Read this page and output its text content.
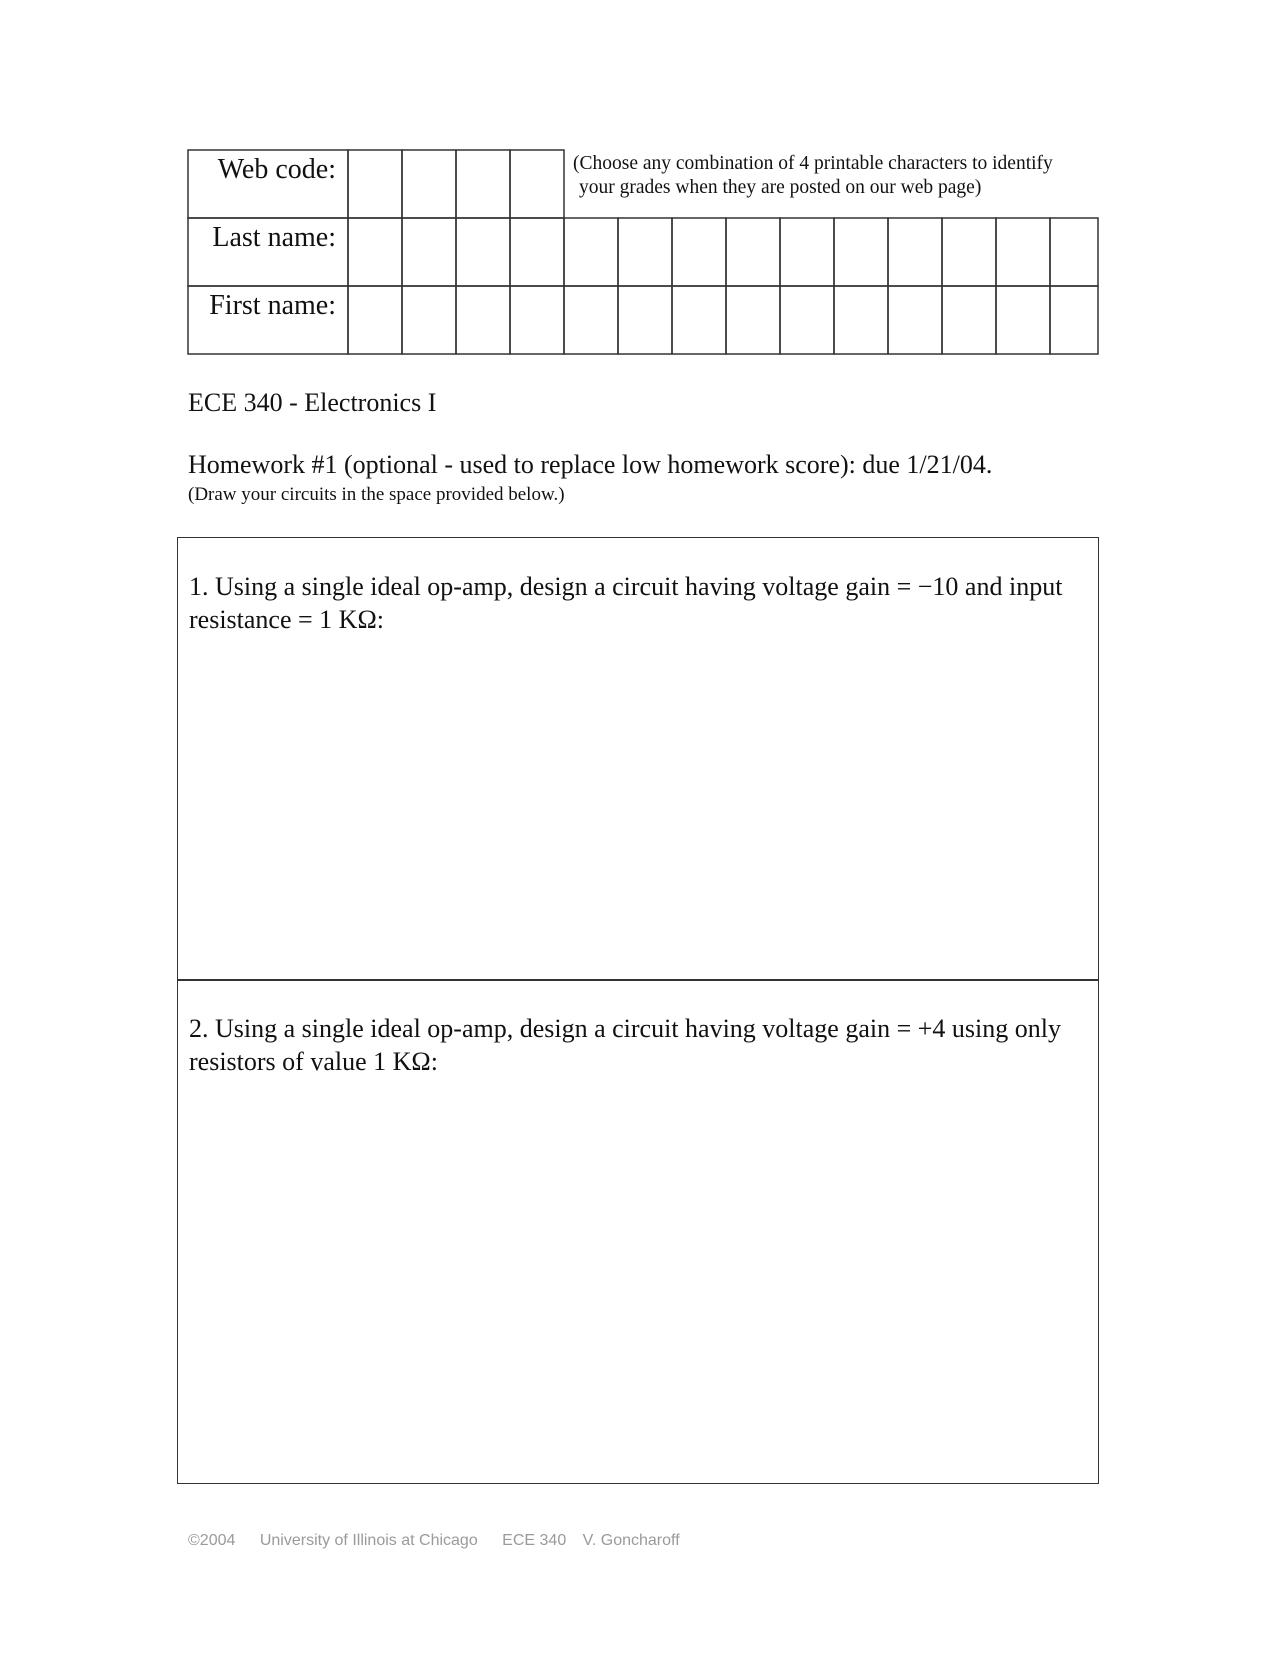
Web code:
Last name:
First name:
(Choose any combination of 4 printable characters to identify
your grades when they are posted on our web page)
ECE 340 - Electronics I
Homework #1 (optional - used to replace low homework score): due 1/21/04.
(Draw your circuits in the space provided below.)
1. Using a single ideal op-amp, design a circuit having voltage gain = −10 and input resistance = 1 KΩ:
2. Using a single ideal op-amp, design a circuit having voltage gain = +4 using only resistors of value 1 KΩ:
©2004 University of Illinois at Chicago ECE 340 V. Goncharoff
